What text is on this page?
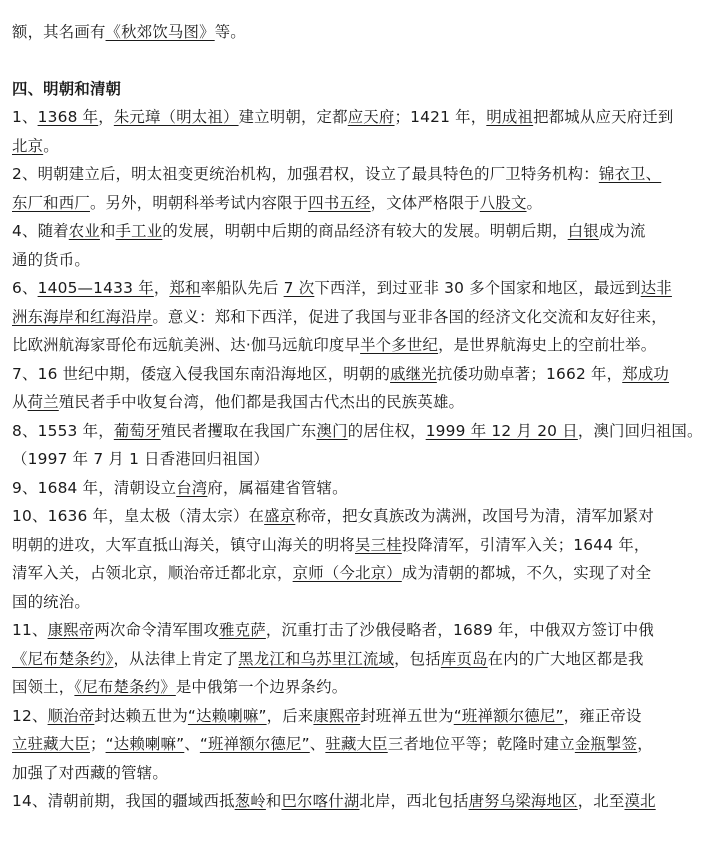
额，其名画有《秋郊饮马图》等。
四、明朝和清朝
1、1368 年，朱元璋（明太祖）建立明朝，定都应天府；1421 年，明成祖把都城从应天府迁到
北京。
2、明朝建立后，明太祖变更统治机构，加强君权，设立了最具特色的厂卫特务机构：锦衣卫、
东厂和西厂。另外，明朝科举考试内容限于四书五经，文体严格限于八股文。
4、随着农业和手工业的发展，明朝中后期的商品经济有较大的发展。明朝后期，白银成为流
通的货币。
6、1405—1433 年，郑和率船队先后 7 次下西洋，到过亚非 30 多个国家和地区，最远到达非
洲东海岸和红海沿岸。意义：郑和下西洋，促进了我国与亚非各国的经济文化交流和友好往来，
比欧洲航海家哥伦布远航美洲、达·伽马远航印度早半个多世纪，是世界航海史上的空前壮举。
7、16 世纪中期，倭寇入侵我国东南沿海地区，明朝的戚继光抗倭功勋卓著；1662 年，郑成功
从荷兰殖民者手中收复台湾，他们都是我国古代杰出的民族英雄。
8、1553 年，葡萄牙殖民者攫取在我国广东澳门的居住权，1999 年 12 月 20 日，澳门回归祖国。
（1997 年 7 月 1 日香港回归祖国）
9、1684 年，清朝设立台湾府，属福建省管辖。
10、1636 年，皇太极（清太宗）在盛京称帝，把女真族改为满洲，改国号为清，清军加紧对
明朝的进攻，大军直抵山海关，镇守山海关的明将吴三桂投降清军，引清军入关；1644 年，
清军入关，占领北京，顺治帝迁都北京，京师（今北京）成为清朝的都城，不久，实现了对全
国的统治。
11、康熙帝两次命令清军围攻雅克萨，沉重打击了沙俄侵略者，1689 年，中俄双方签订中俄
《尼布楚条约》，从法律上肯定了黑龙江和乌苏里江流域，包括库页岛在内的广大地区都是我
国领土，《尼布楚条约》是中俄第一个边界条约。
12、顺治帝封达赖五世为“达赖喇嘛”，后来康熙帝封班禅五世为“班禅额尔德尼”，雍正帝设
立驻藏大臣；“达赖喇嘛”、“班禅额尔德尼”、驻藏大臣三者地位平等；乾隆时建立金瓶掣签，
加强了对西藏的管辖。
14、清朝前期，我国的疆域西抵葱岭和巴尔喀什湖北岸，西北包括唐努乌梁海地区，北至漠北
